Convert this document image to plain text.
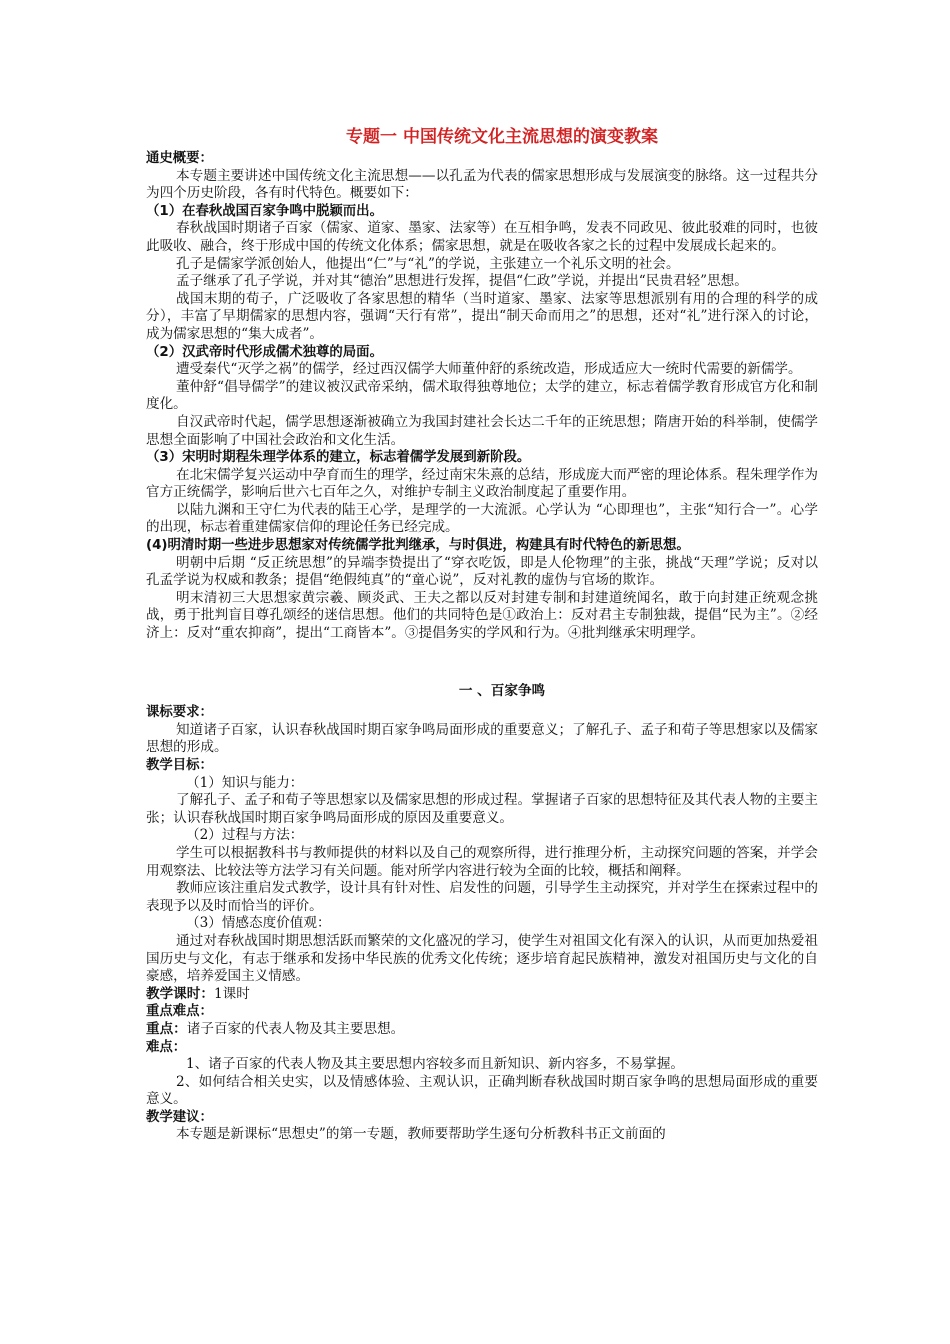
专题一 中国传统文化主流思想的演变教案
通史概要：
本专题主要讲述中国传统文化主流思想——以孔孟为代表的儒家思想形成与发展演变的脉络。这一过程共分为四个历史阶段，各有时代特色。概要如下：
（1）在春秋战国百家争鸣中脱颖而出。
春秋战国时期诸子百家（儒家、道家、墨家、法家等）在互相争鸣，发表不同政见、彼此驳难的同时，也彼此吸收、融合，终于形成中国的传统文化体系；儒家思想，就是在吸收各家之长的过程中发展成长起来的。
孔子是儒家学派创始人，他提出“仁”与“礼”的学说，主张建立一个礼乐文明的社会。
孟子继承了孔子学说，并对其“德治”思想进行发挥，提倡“仁政”学说，并提出“民贵君轻”思想。
战国末期的荀子，广泛吸收了各家思想的精华（当时道家、墨家、法家等思想派别有用的合理的科学的成分），丰富了早期儒家的思想内容，强调“天行有常”，提出“制天命而用之”的思想，还对“礼”进行深入的讨论，成为儒家思想的“集大成者”。
（2）汉武帝时代形成儒术独尊的局面。
遭受秦代“灭学之祸”的儒学，经过西汉儒学大师董仲舒的系统改造，形成适应大一统时代需要的新儒学。
董仲舒“倡导儒学”的建议被汉武帝采纳，儒术取得独尊地位；太学的建立，标志着儒学教育形成官方化和制度化。
自汉武帝时代起，儒学思想逐渐被确立为我国封建社会长达二千年的正统思想；隋唐开始的科举制，使儒学思想全面影响了中国社会政治和文化生活。
（3）宋明时期程朱理学体系的建立，标志着儒学发展到新阶段。
在北宋儒学复兴运动中孕育而生的理学，经过南宋朱熹的总结，形成庞大而严密的理论体系。程朱理学作为官方正统儒学，影响后世六七百年之久，对维护专制主义政治制度起了重要作用。
以陆九渊和王守仁为代表的陆王心学，是理学的一大流派。心学认为 “心即理也”，主张“知行合一”。心学的出现，标志着重建儒家信仰的理论任务已经完成。
(4)明清时期一些进步思想家对传统儒学批判继承，与时俱进，构建具有时代特色的新思想。
明朝中后期 “反正统思想”的异端李贽提出了“穿衣吃饭，即是人伦物理”的主张，挑战“天理”学说；反对以孔孟学说为权威和教条；提倡“绝假纯真”的“童心说”，反对礼教的虚伪与官场的欺诈。
明末清初三大思想家黄宗羲、顾炎武、王夫之都以反对封建专制和封建道统闻名，敢于向封建正统观念挑战，勇于批判盲目尊孔颂经的迷信思想。他们的共同特色是①政治上：反对君主专制独裁，提倡“民为主”。②经济上：反对“重农抑商”，提出“工商皆本”。③提倡务实的学风和行为。④批判继承宋明理学。
一 、百家争鸣
课标要求：
知道诸子百家，认识春秋战国时期百家争鸣局面形成的重要意义；了解孔子、孟子和荀子等思想家以及儒家思想的形成。
教学目标：
（1）知识与能力：
了解孔子、孟子和荀子等思想家以及儒家思想的形成过程。掌握诸子百家的思想特征及其代表人物的主要主张；认识春秋战国时期百家争鸣局面形成的原因及重要意义。
（2）过程与方法：
学生可以根据教科书与教师提供的材料以及自己的观察所得，进行推理分析，主动探究问题的答案，并学会用观察法、比较法等方法学习有关问题。能对所学内容进行较为全面的比较，概括和阐释。
教师应该注重启发式教学，设计具有针对性、启发性的问题，引导学生主动探究，并对学生在探索过程中的表现予以及时而恰当的评价。
（3）情感态度价值观：
通过对春秋战国时期思想活跃而繁荣的文化盛况的学习，使学生对祖国文化有深入的认识，从而更加热爱祖国历史与文化，有志于继承和发扬中华民族的优秀文化传统；逐步培育起民族精神，激发对祖国历史与文化的自豪感，培养爱国主义情感。
教学课时：1课时
重点难点：
重点：诸子百家的代表人物及其主要思想。
难点：
1、诸子百家的代表人物及其主要思想内容较多而且新知识、新内容多，不易掌握。
2、如何结合相关史实，以及情感体验、主观认识，正确判断春秋战国时期百家争鸣的思想局面形成的重要意义。
教学建议：
本专题是新课标“思想史”的第一专题，教师要帮助学生逐句分析教科书正文前面的
